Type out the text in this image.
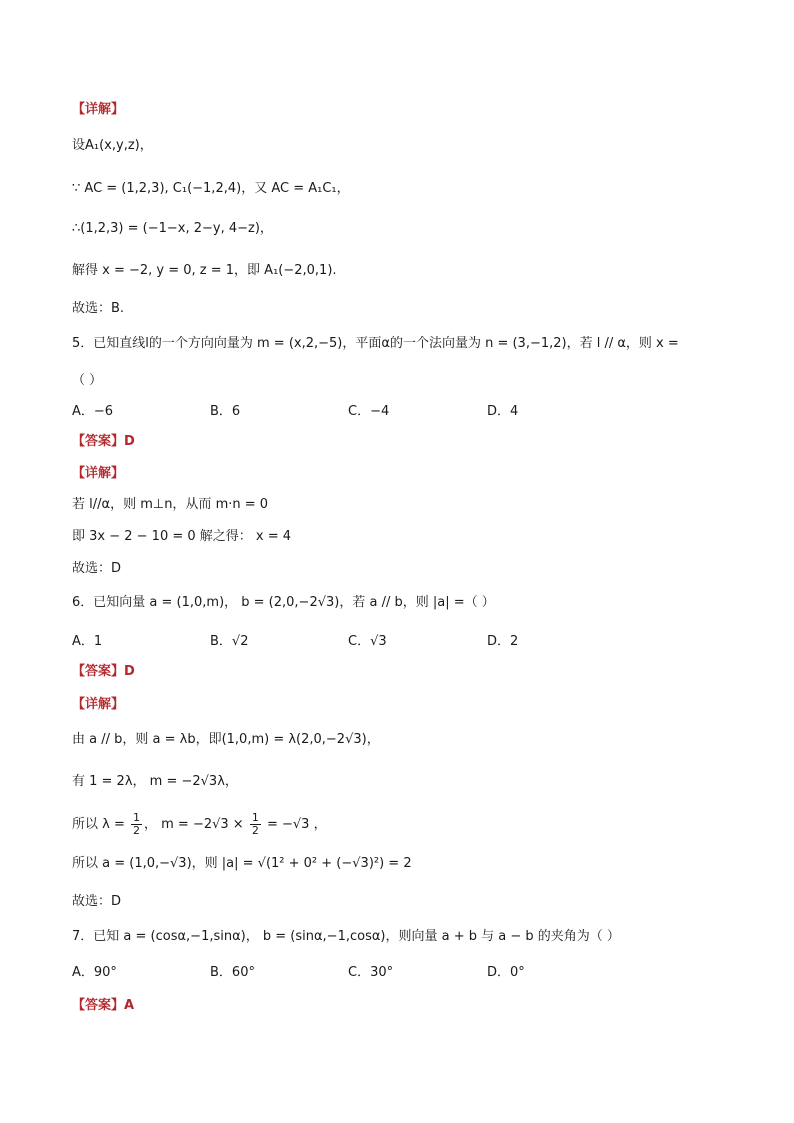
【详解】
设A₁(x,y,z)，
∵ AC = (1,2,3), C₁(−1,2,4)，又 AC = A₁C₁，
∴(1,2,3) = (−1−x, 2−y, 4−z)，
解得 x = −2, y = 0, z = 1，即 A₁(−2,0,1).
故选：B.
5．已知直线l的一个方向向量为 m = (x,2,−5)，平面α的一个法向量为 n = (3,−1,2)，若 l // α，则 x =
（ ）
A．−6	B．6	C．−4	D．4
【答案】D
【详解】
若 l//α，则 m⊥n，从而 m·n = 0
即 3x − 2 − 10 = 0 解之得： x = 4
故选：D
6．已知向量 a = (1,0,m)， b = (2,0,−2√3)，若 a // b，则 |a| =（ ）
A．1	B．√2	C．√3	D．2
【答案】D
【详解】
由 a // b，则 a = λb，即(1,0,m) = λ(2,0,−2√3)，
有 1 = 2λ， m = −2√3λ，
所以 $\lambda = \frac{1}{2}$ ， $m = -2√3 \times \frac{1}{2} = -√3$ ，
所以 a = (1,0,−√3)，则 |a| = √(1² + 0² + (−√3)²) = 2
故选：D
7．已知 a = (cosα,−1,sinα)， b = (sinα,−1,cosα)，则向量 a + b 与 a − b 的夹角为（ ）
A．90°	B．60°	C．30°	D．0°
【答案】A
